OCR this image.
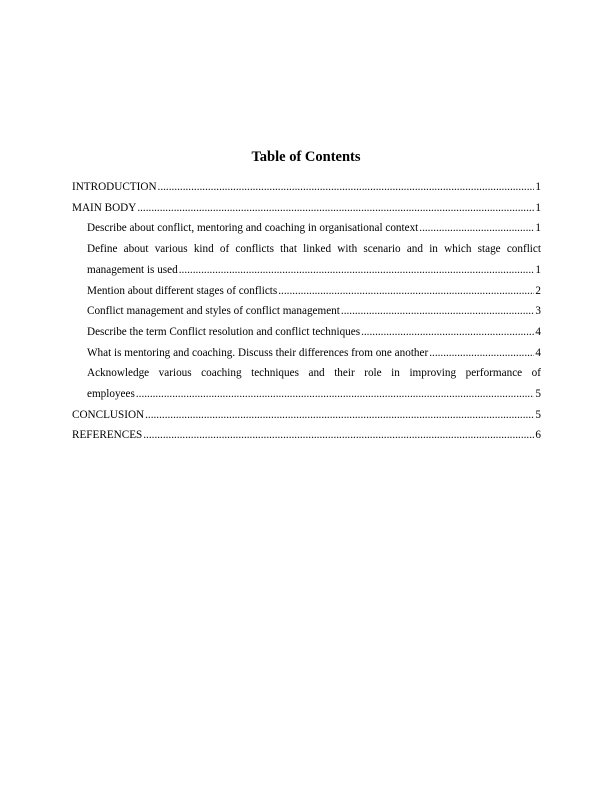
Table of Contents
INTRODUCTION .....	1
MAIN BODY .....	1
Describe about conflict, mentoring and coaching in organisational context .....	1
Define about various kind of conflicts that linked with scenario and in which stage conflict
management is used .....	1
Mention about different stages of conflicts .....	2
Conflict management and styles of conflict management .....	3
Describe the term Conflict resolution and conflict techniques .....	4
What is mentoring and coaching. Discuss their differences from one another .....	4
Acknowledge various coaching techniques and their role in improving performance of
employees .....	5
CONCLUSION .....	5
REFERENCES .....	6
